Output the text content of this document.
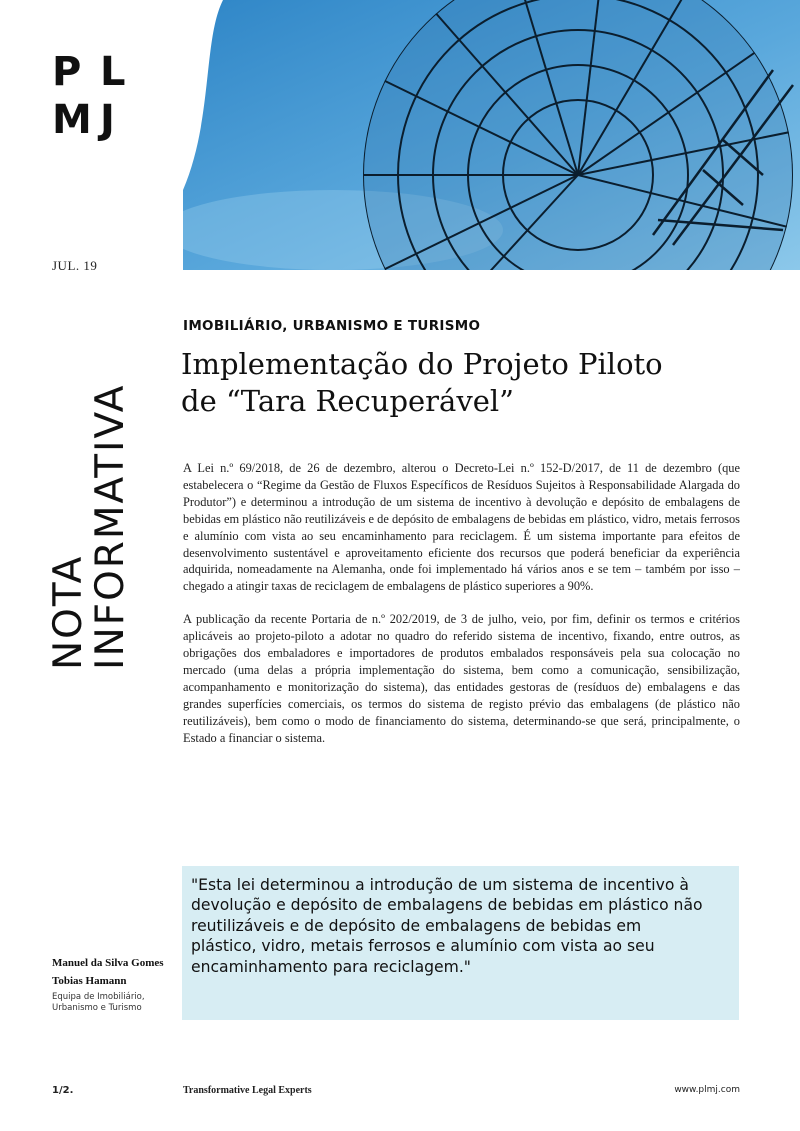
P L
M J
JUL. 19
NOTA
INFORMATIVA
IMOBILIÁRIO, URBANISMO E TURISMO
Implementação do Projeto Piloto
de “Tara Recuperável”

A Lei n.º 69/2018, de 26 de dezembro, alterou o Decreto-Lei n.º 152-D/2017, de 11 de dezembro (que estabelecera o “Regime da Gestão de Fluxos Específicos de Resíduos Sujeitos à Responsabilidade Alargada do Produtor”) e determinou a introdução de um sistema de incentivo à devolução e depósito de embalagens de bebidas em plástico não reutilizáveis e de depósito de embalagens de bebidas em plástico, vidro, metais ferrosos e alumínio com vista ao seu encaminhamento para reciclagem. É um sistema importante para efeitos de desenvolvimento sustentável e aproveitamento eficiente dos recursos que poderá beneficiar da experiência adquirida, nomeadamente na Alemanha, onde foi implementado há vários anos e se tem – também por isso – chegado a atingir taxas de reciclagem de embalagens de plástico superiores a 90%.

A publicação da recente Portaria de n.º 202/2019, de 3 de julho, veio, por fim, definir os termos e critérios aplicáveis ao projeto-piloto a adotar no quadro do referido sistema de incentivo, fixando, entre outros, as obrigações dos embaladores e importadores de produtos embalados responsáveis pela sua colocação no mercado (uma delas a própria implementação do sistema, bem como a comunicação, sensibilização, acompanhamento e monitorização do sistema), das entidades gestoras de (resíduos de) embalagens e das grandes superfícies comerciais, os termos do sistema de registo prévio das embalagens (de plástico não reutilizáveis), bem como o modo de financiamento do sistema, determinando-se que será, principalmente, o Estado a financiar o sistema.

"Esta lei determinou a introdução de um sistema de incentivo à devolução e depósito de embalagens de bebidas em plástico não reutilizáveis e de depósito de embalagens de bebidas em plástico, vidro, metais ferrosos e alumínio com vista ao seu encaminhamento para reciclagem."

Manuel da Silva Gomes
Tobias Hamann
Equipa de Imobiliário, Urbanismo e Turismo
1/2.	Transformative Legal Experts	www.plmj.com
